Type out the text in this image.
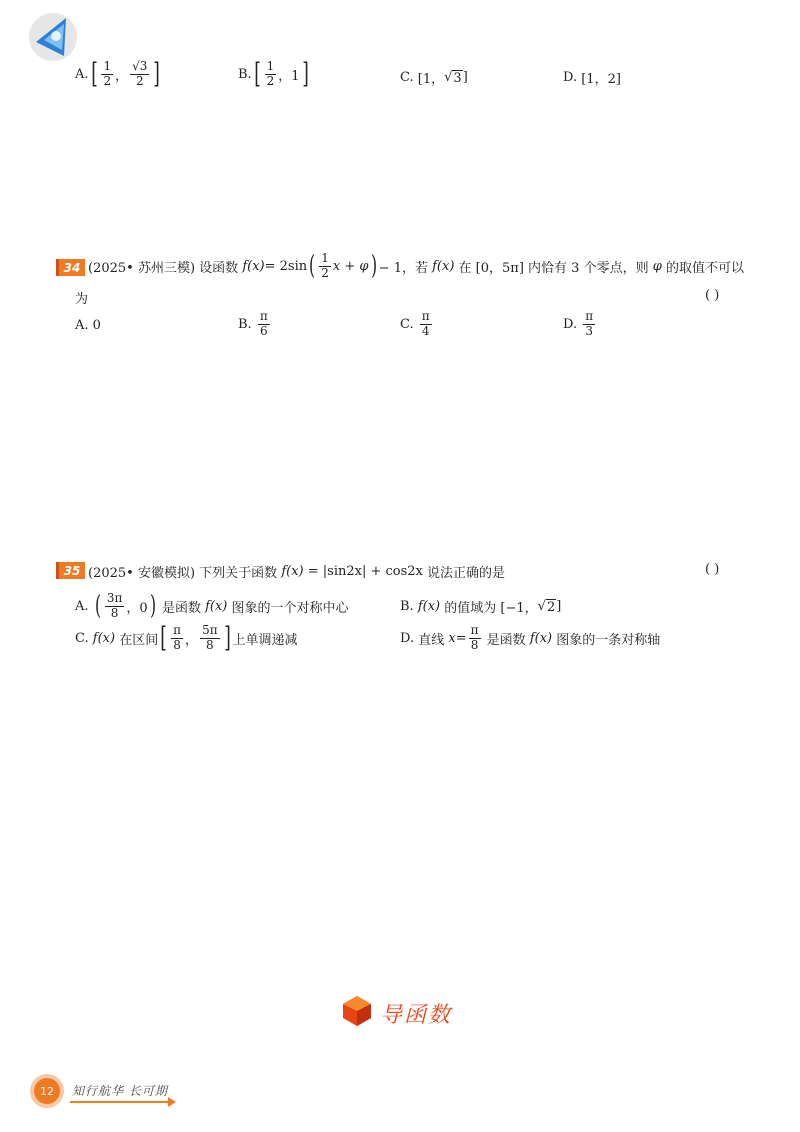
A. [ $\frac{1}{2}$ ， $\frac{√3}{2}$ ]	B. [ $\frac{1}{2}$ ，1 ]	C.
[1， √ 3 ]	D.
[1，2]
34 (2025• 苏州三模)
设函数
f(x) = 2sin ( $\frac{1}{2}$ x + φ ) − 1，若
f(x)
在 [0，5π] 内恰有 3 个零点，则
φ
的取值不可以
为	( )
A.
0	B.
$\frac{\pi}{6}$	C.
$\frac{\pi}{4}$	D.
$\frac{\pi}{3}$
35 (2025• 安徽模拟)
下列关于函数
f(x)
= |sin2x| + cos2x
说法正确的是	( )
A.
( $\frac{3\pi}{8}$ ，0 )
是函数
f(x)
图象的一个对称中心	B.
f(x)
的值域为 [−1， √ 2 ]
C.
f(x)
在区间 [ $\frac{\pi}{8}$ ， $\frac{5\pi}{8}$ ] 上单调递减	D.
直线
$x = \frac{\pi}{8}$
是函数
f(x)
图象的一条对称轴
导函数
12	知行航华 长可期
